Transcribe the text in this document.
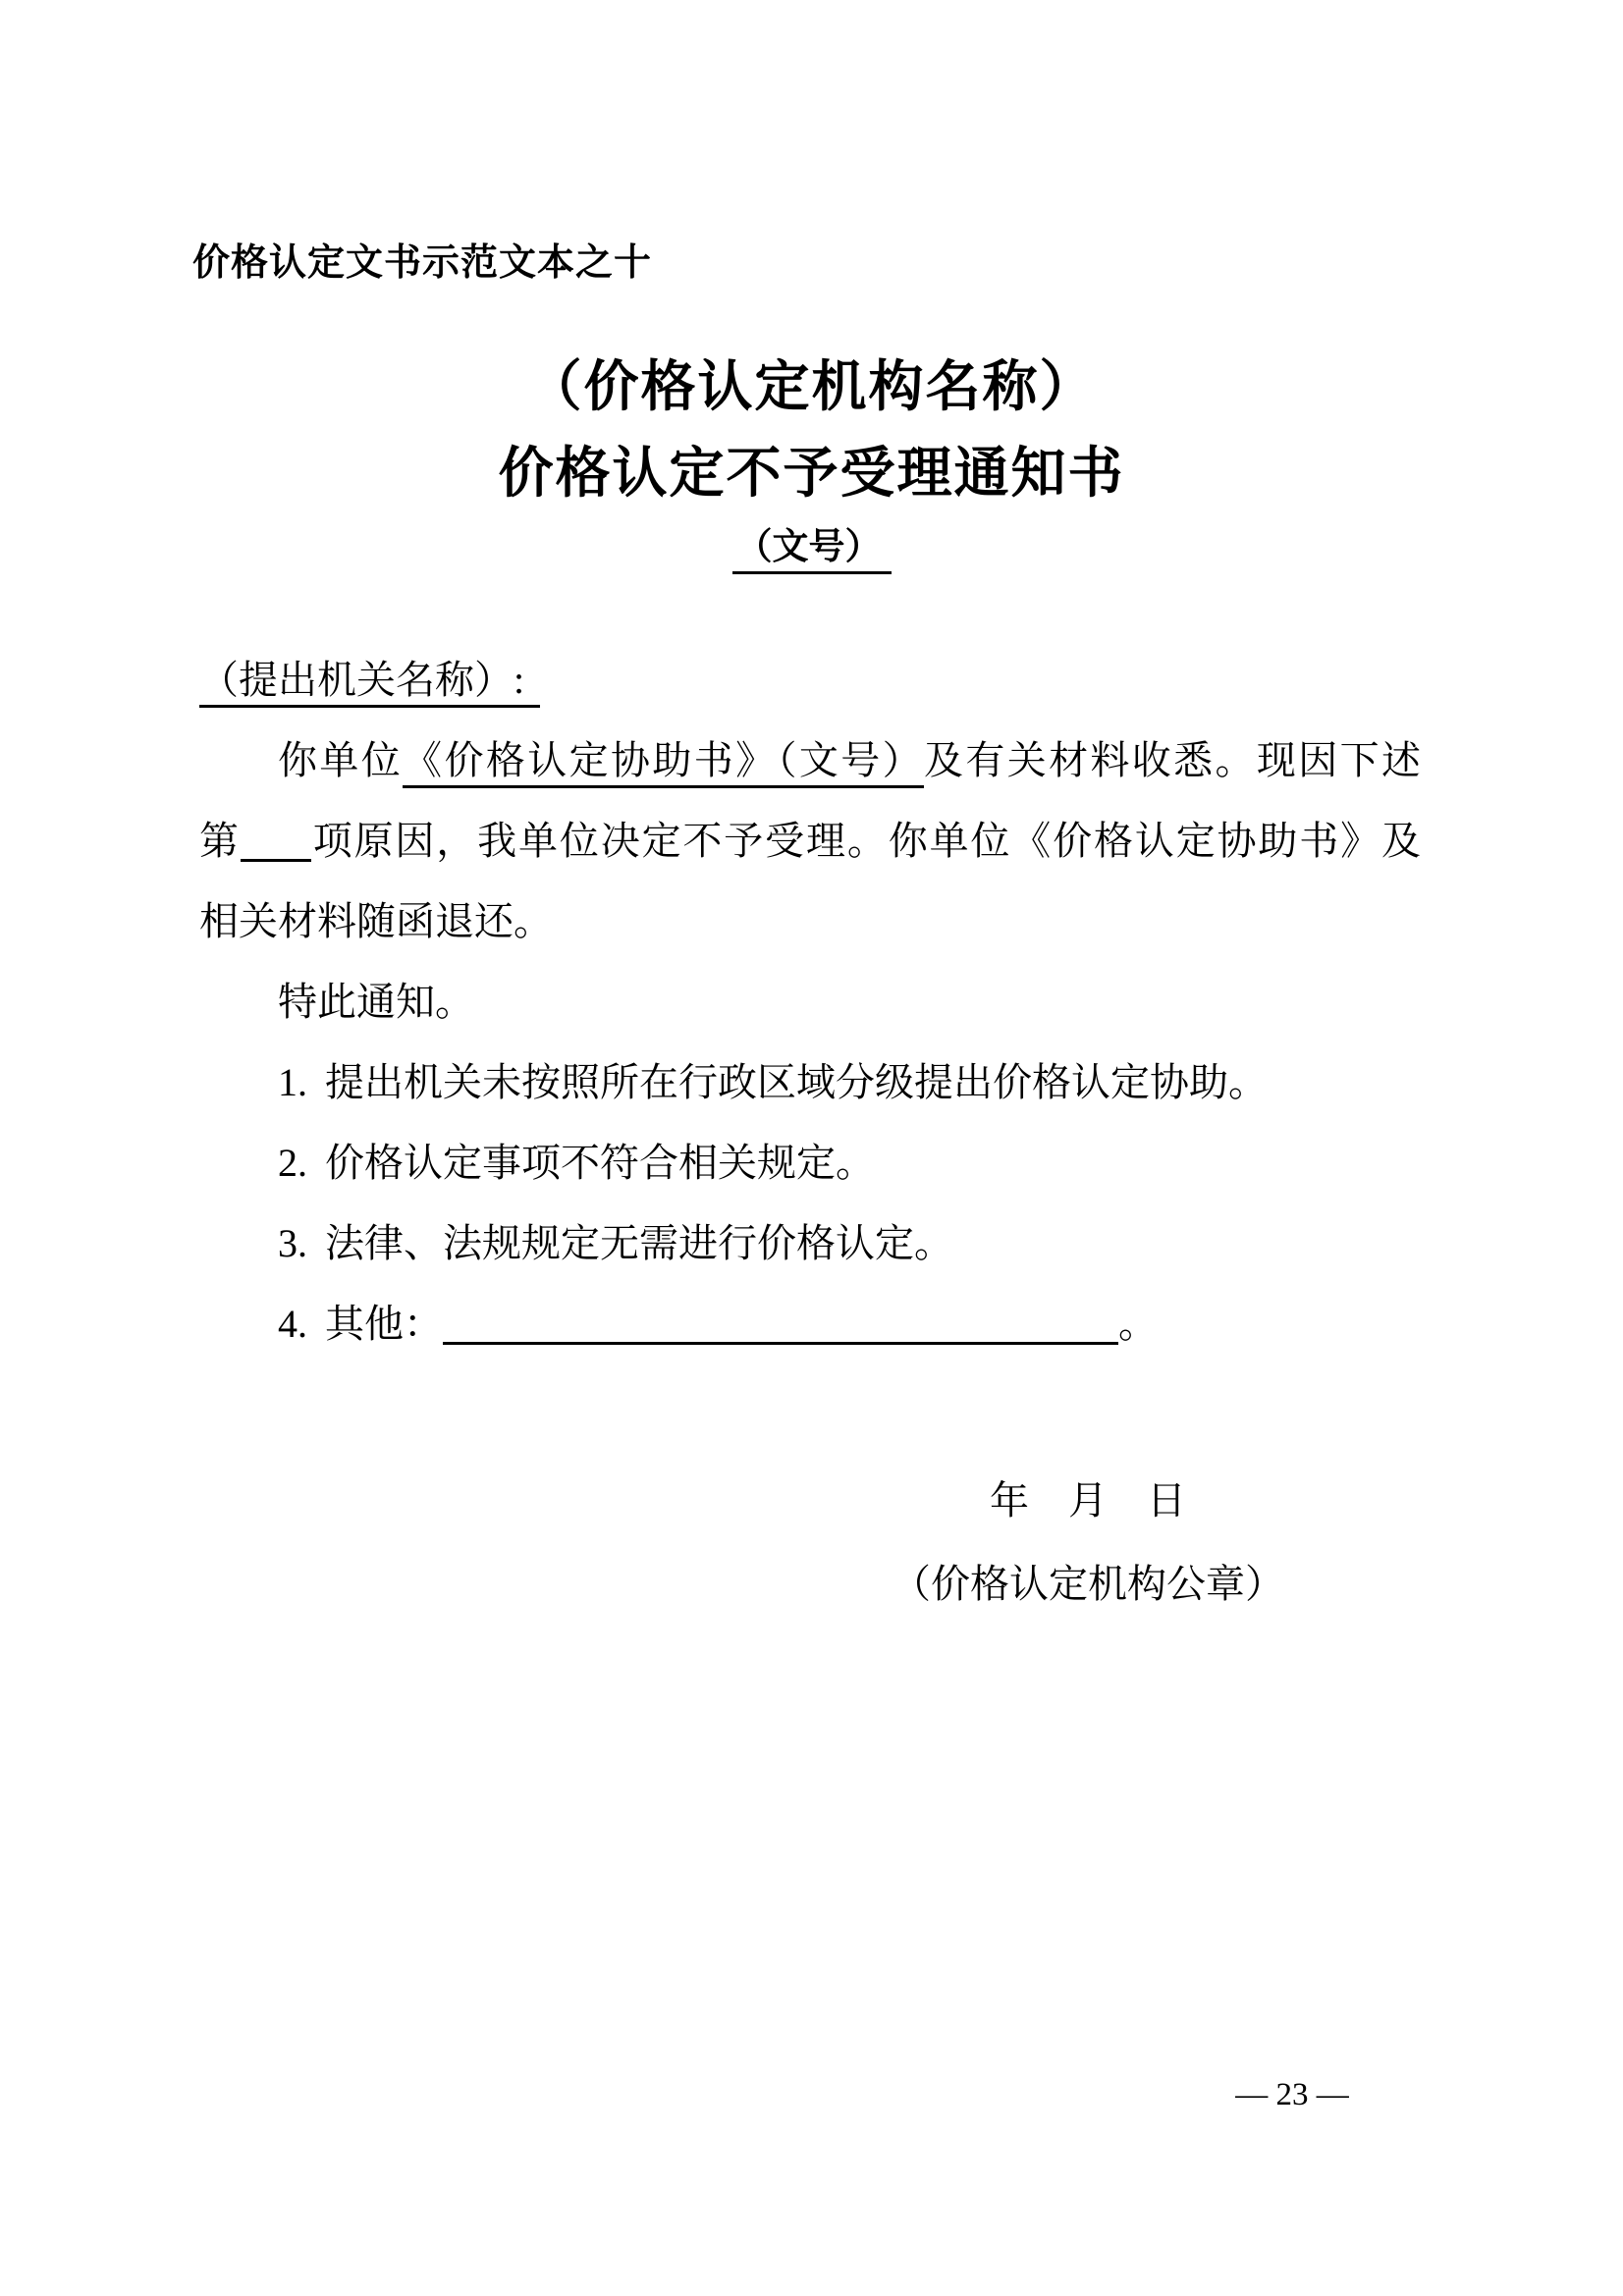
价格认定文书示范文本之十
（价格认定机构名称）
价格认定不予受理通知书
（文号）
（提出机关名称）:
你单位《价格认定协助书》（文号）及有关材料收悉。现因下述
第 项原因，我单位决定不予受理。你单位《价格认定协助书》及
相关材料随函退还。
特此通知。
1. 提出机关未按照所在行政区域分级提出价格认定协助。
2. 价格认定事项不符合相关规定。
3. 法律、法规规定无需进行价格认定。
4. 其他：	。
年　月　日
（价格认定机构公章）
— 23 —
